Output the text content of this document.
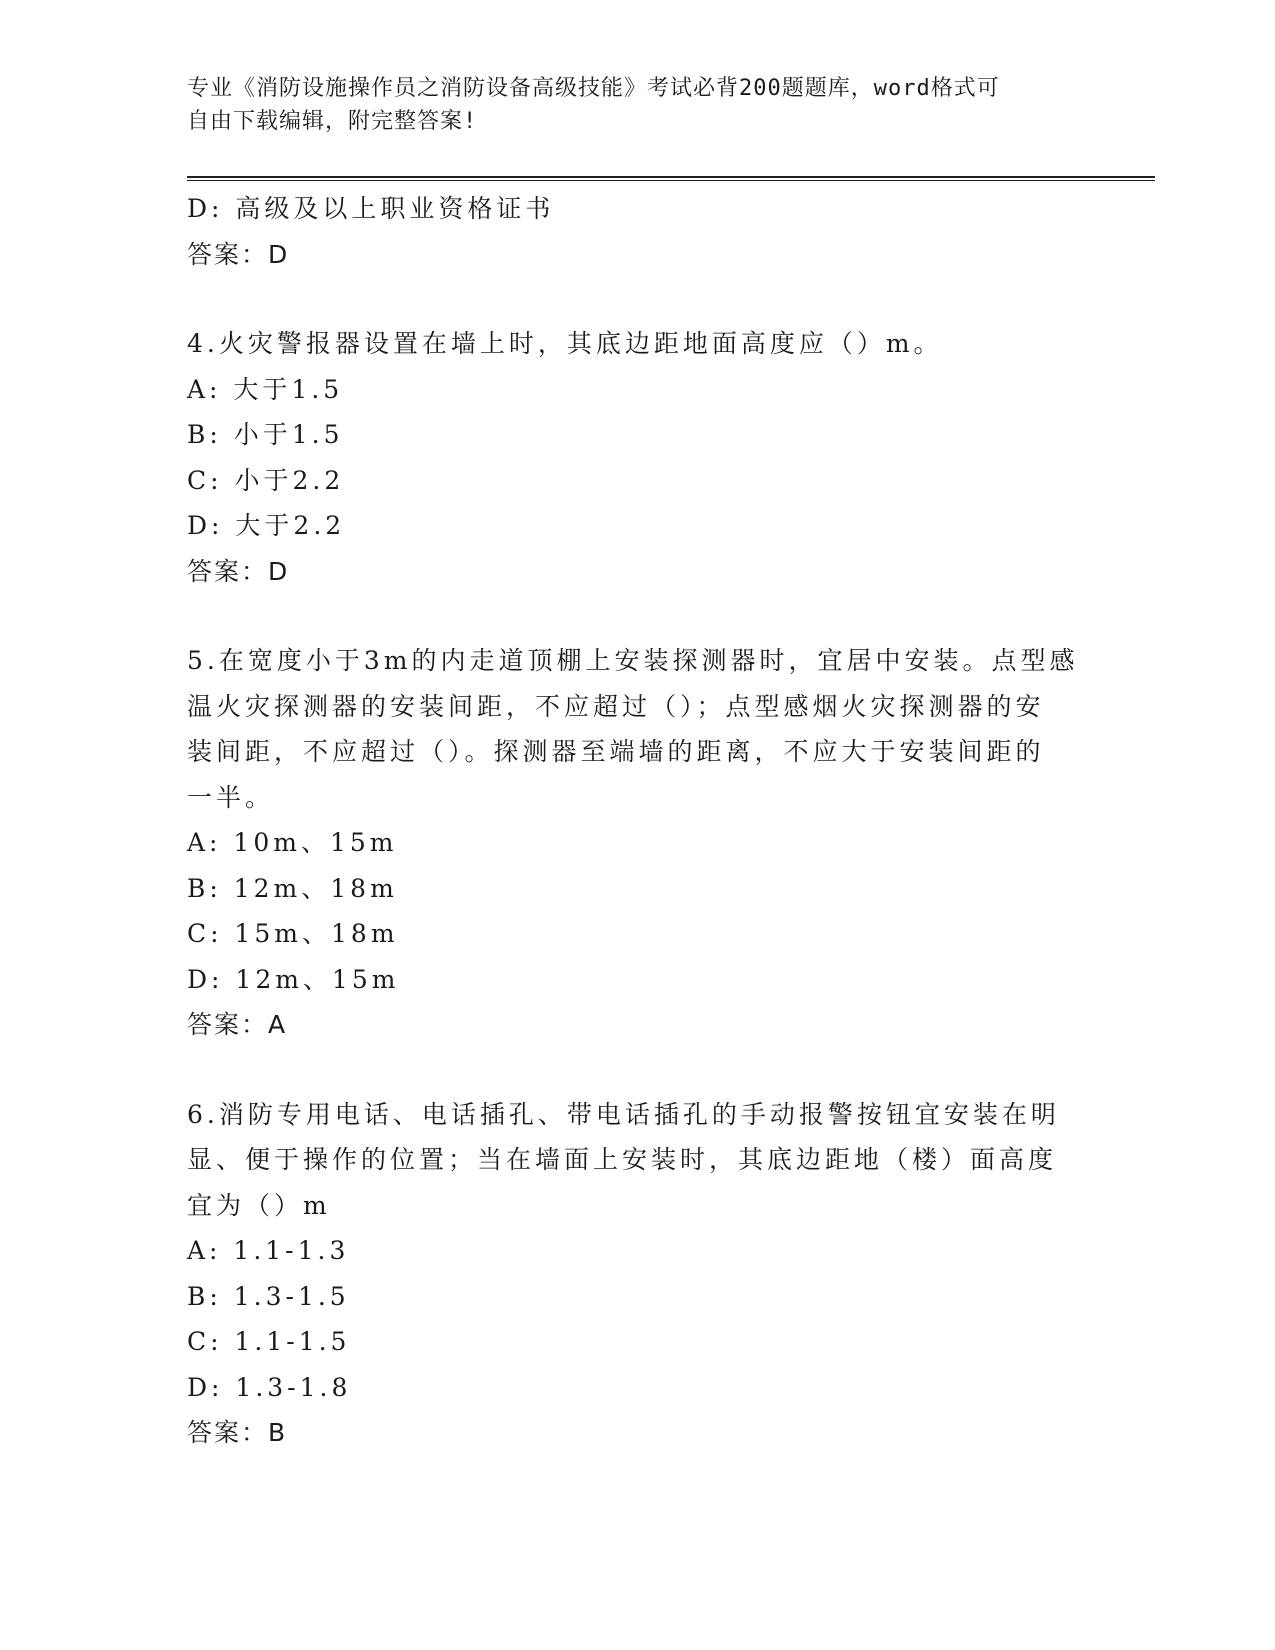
专业《消防设施操作员之消防设备高级技能》考试必背200题题库，word格式可
自由下载编辑，附完整答案!
D: 高级及以上职业资格证书
答案：D
4.火灾警报器设置在墙上时，其底边距地面高度应（）m。
A: 大于1.5
B: 小于1.5
C: 小于2.2
D: 大于2.2
答案：D
5.在宽度小于3m的内走道顶棚上安装探测器时，宜居中安装。点型感
温火灾探测器的安装间距，不应超过（）；点型感烟火灾探测器的安
装间距，不应超过（）。探测器至端墙的距离，不应大于安装间距的
一半。
A: 10m、15m
B: 12m、18m
C: 15m、18m
D: 12m、15m
答案：A
6.消防专用电话、电话插孔、带电话插孔的手动报警按钮宜安装在明
显、便于操作的位置；当在墙面上安装时，其底边距地（楼）面高度
宜为（）m
A: 1.1-1.3
B: 1.3-1.5
C: 1.1-1.5
D: 1.3-1.8
答案：B
